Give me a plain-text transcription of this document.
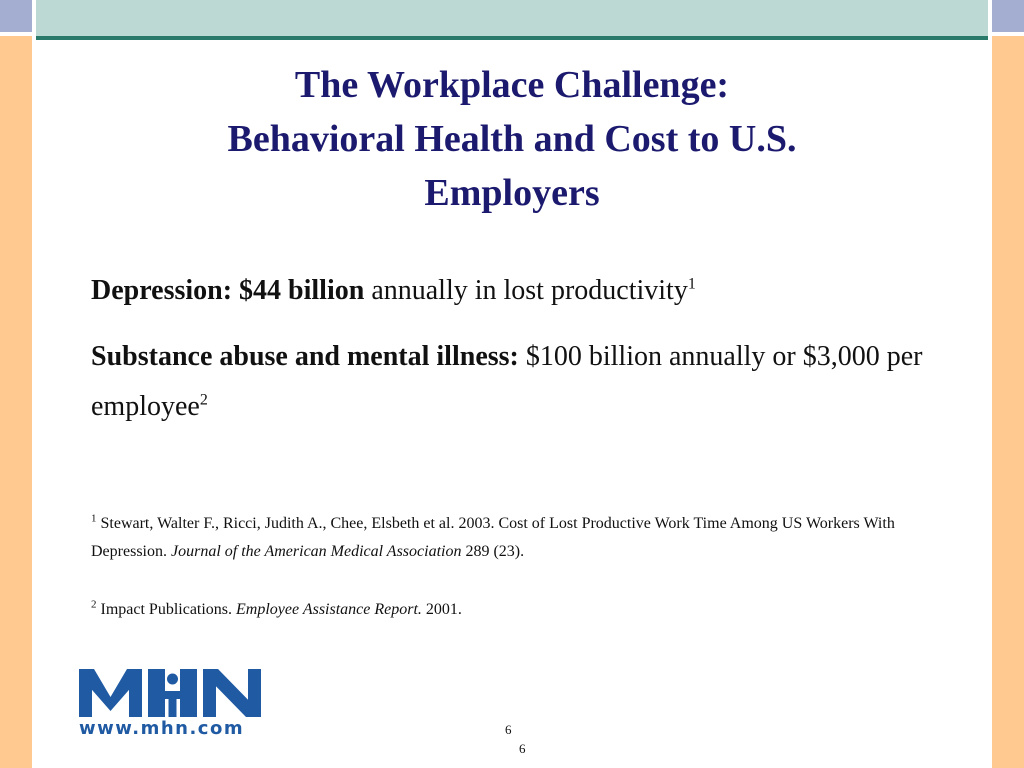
The Workplace Challenge:
Behavioral Health and Cost to U.S.
Employers
Depression: $44 billion annually in lost productivity$^1$
Substance abuse and mental illness: $100 billion annually or $3,000 per employee$^2$
$^1$ Stewart, Walter F., Ricci, Judith A., Chee, Elsbeth et al. 2003. Cost of Lost Productive Work Time Among US Workers With Depression. Journal of the American Medical Association 289 (23).
$^2$ Impact Publications. Employee Assistance Report. 2001.
www.mhn.com	6
6
